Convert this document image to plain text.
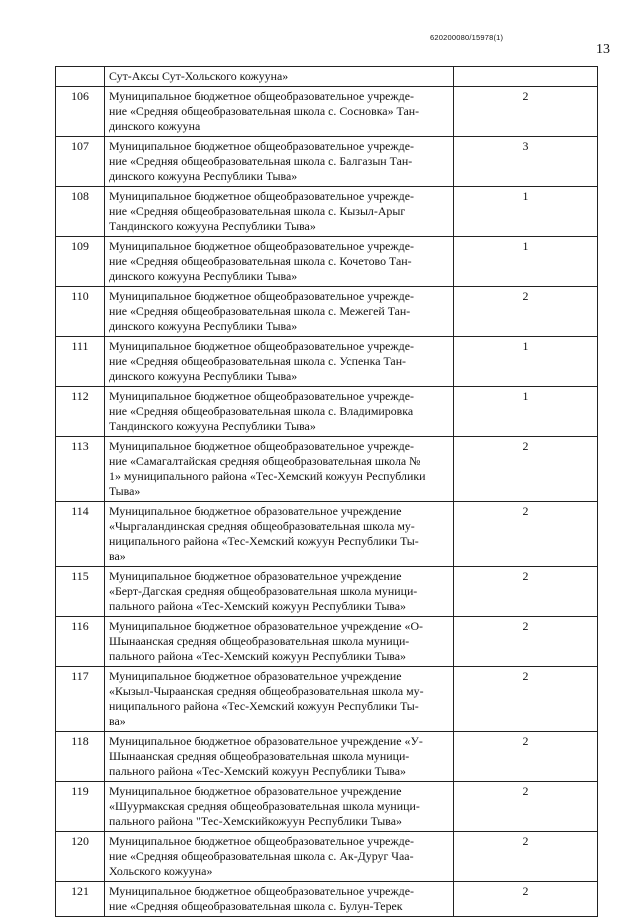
620200080/15978(1)
13
	Сут-Аксы Сут-Хольского кожууна»	
106	Муниципальное бюджетное общеобразовательное учрежде-
ние «Средняя общеобразовательная школа с. Сосновка» Тан-
динского кожууна	2
107	Муниципальное бюджетное общеобразовательное учрежде-
ние «Средняя общеобразовательная школа с. Балгазын Тан-
динского кожууна Республики Тыва»	3
108	Муниципальное бюджетное общеобразовательное учрежде-
ние «Средняя общеобразовательная школа с. Кызыл-Арыг
Тандинского кожууна Республики Тыва»	1
109	Муниципальное бюджетное общеобразовательное учрежде-
ние «Средняя общеобразовательная школа с. Кочетово Тан-
динского кожууна Республики Тыва»	1
110	Муниципальное бюджетное общеобразовательное учрежде-
ние «Средняя общеобразовательная школа с. Межегей Тан-
динского кожууна Республики Тыва»	2
111	Муниципальное бюджетное общеобразовательное учрежде-
ние «Средняя общеобразовательная школа с. Успенка Тан-
динского кожууна Республики Тыва»	1
112	Муниципальное бюджетное общеобразовательное учрежде-
ние «Средняя общеобразовательная школа с. Владимировка
Тандинского кожууна Республики Тыва»	1
113	Муниципальное бюджетное общеобразовательное учрежде-
ние «Самагалтайская средняя общеобразовательная школа №
1» муниципального района «Тес-Хемский кожуун Республики
Тыва»	2
114	Муниципальное бюджетное образовательное учреждение
«Чыргаландинская средняя общеобразовательная школа му-
ниципального района «Тес-Хемский кожуун Республики Ты-
ва»	2
115	Муниципальное бюджетное образовательное учреждение
«Берт-Дагская средняя общеобразовательная школа муници-
пального района «Тес-Хемский кожуун Республики Тыва»	2
116	Муниципальное бюджетное образовательное учреждение «О-
Шынаанская средняя общеобразовательная школа муници-
пального района «Тес-Хемский кожуун Республики Тыва»	2
117	Муниципальное бюджетное образовательное учреждение
«Кызыл-Чыраанская средняя общеобразовательная школа му-
ниципального района «Тес-Хемский кожуун Республики Ты-
ва»	2
118	Муниципальное бюджетное образовательное учреждение «У-
Шынаанская средняя общеобразовательная школа муници-
пального района «Тес-Хемский кожуун Республики Тыва»	2
119	Муниципальное бюджетное образовательное учреждение
«Шуурмакская средняя общеобразовательная школа муници-
пального района "Тес-Хемскийкожуун Республики Тыва»	2
120	Муниципальное бюджетное общеобразовательное учрежде-
ние «Средняя общеобразовательная школа с. Ак-Дуруг Чаа-
Хольского кожууна»	2
121	Муниципальное бюджетное общеобразовательное учрежде-
ние «Средняя общеобразовательная школа с. Булун-Терек	2
